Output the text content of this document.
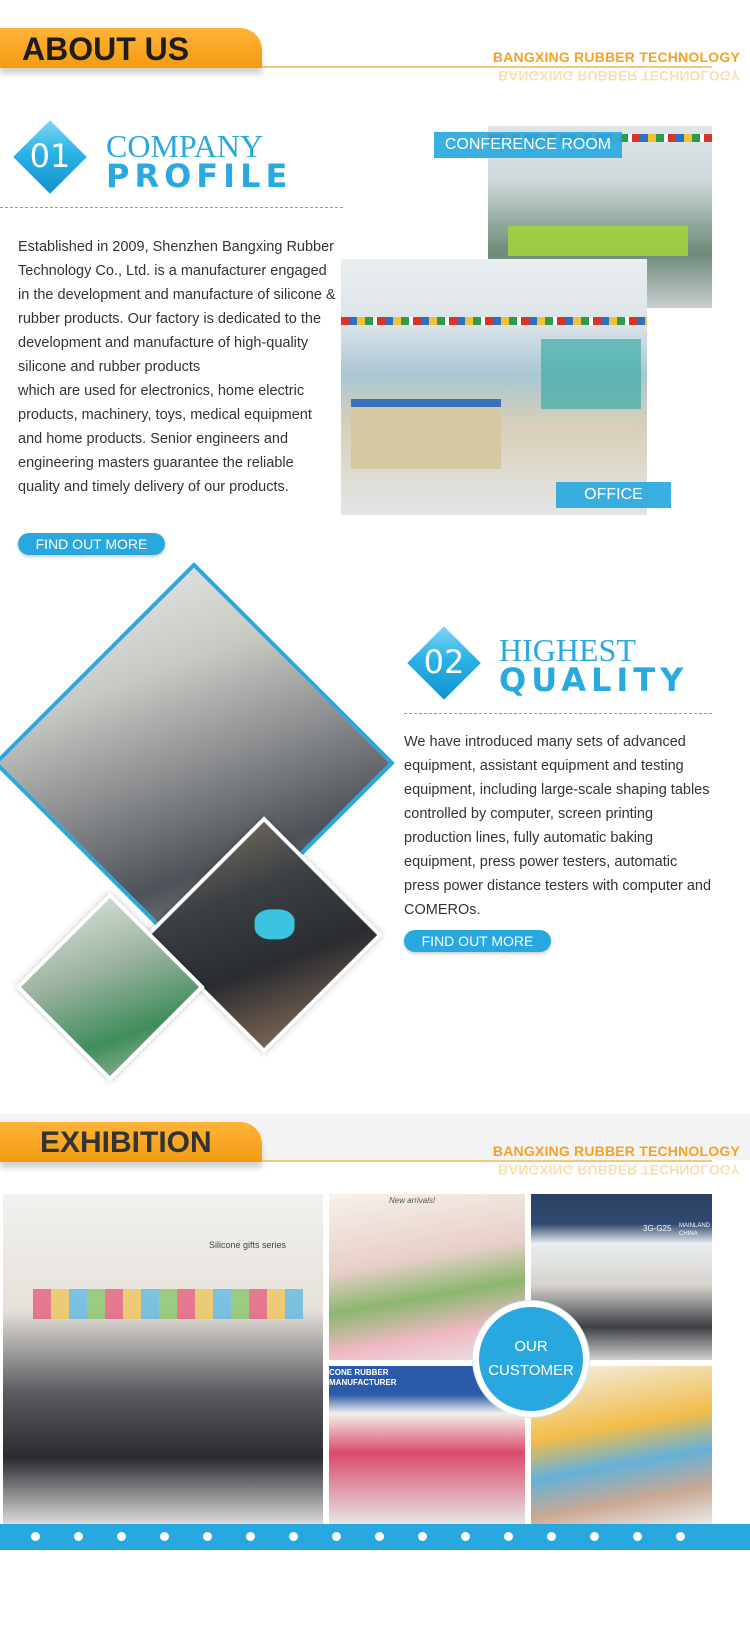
ABOUT US	BANGXING RUBBER TECHNOLOGY
BANGXING RUBBER TECHNOLOGY
01	COMPANY
PROFILE
Established in 2009, Shenzhen Bangxing Rubber Technology Co., Ltd. is a manufacturer engaged in the development and manufacture of silicone & rubber products. Our factory is dedicated to the development and manufacture of high-quality silicone and rubber products
which are used for electronics, home electric products, machinery, toys, medical equipment and home products. Senior engineers and engineering masters guarantee the reliable quality and timely delivery of our products.
FIND OUT MORE
CONFERENCE ROOM
OFFICE
02	HIGHEST
QUALITY
We have introduced many sets of advanced equipment, assistant equipment and testing equipment, including large-scale shaping tables controlled by computer, screen printing production lines, fully automatic baking equipment, press power testers, automatic press power distance testers with computer and COMEROs.
FIND OUT MORE
EXHIBITION	BANGXING RUBBER TECHNOLOGY
BANGXING RUBBER TECHNOLOGY
Silicone gifts series
New arrivals!
3G-G25 MAINLAND CHINA
CONE RUBBER MANUFACTURER
OUR
CUSTOMER
